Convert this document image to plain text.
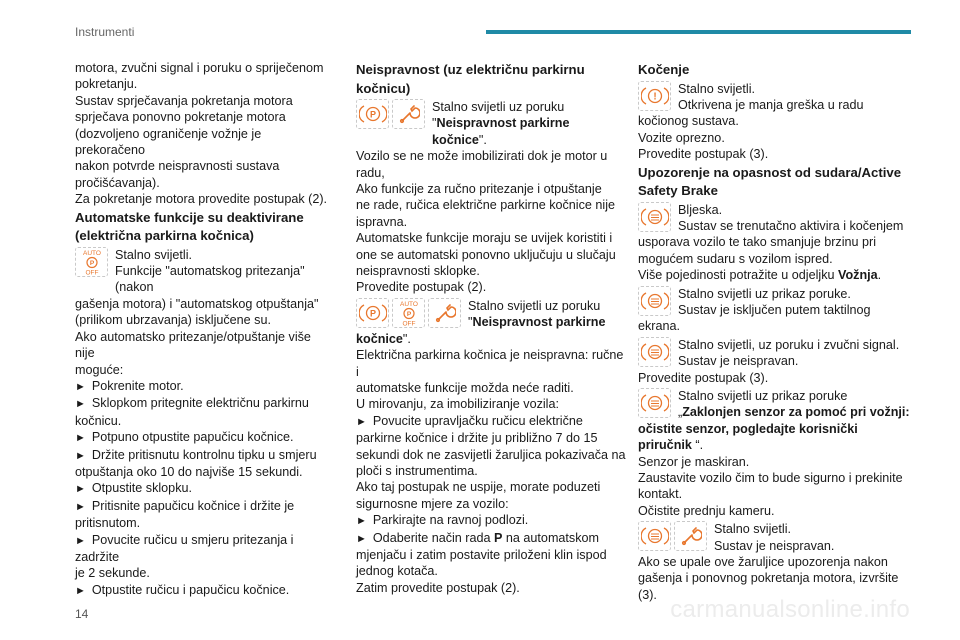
Instrumenti

motora, zvučni signal i poruku o spriječenom

pokretanju.

Sustav sprječavanja pokretanja motora

sprječava ponovno pokretanje motora

(dozvoljeno ograničenje vožnje je prekoračeno

nakon potvrde neispravnosti sustava

pročišćavanja).

Za pokretanje motora provedite postupak (2).

Automatske funkcije su deaktivirane

(električna parkirna kočnica)

AUTO
P
OFF

Stalno svijetli.

Funkcije "automatskog pritezanja" (nakon

gašenja motora) i "automatskog otpuštanja"

(prilikom ubrzavanja) isključene su.

Ako automatsko pritezanje/otpuštanje više nije

moguće:

► Pokrenite motor.

► Sklopkom pritegnite električnu parkirnu

kočnicu.

► Potpuno otpustite papučicu kočnice.

► Držite pritisnutu kontrolnu tipku u smjeru

otpuštanja oko 10 do najviše 15 sekundi.

► Otpustite sklopku.

► Pritisnite papučicu kočnice i držite je

pritisnutom.

► Povucite ručicu u smjeru pritezanja i zadržite

je 2 sekunde.

► Otpustite ručicu i papučicu kočnice.

Neispravnost (uz električnu parkirnu

kočnicu)

P

Stalno svijetli uz poruku

"Neispravnost parkirne kočnice".

Vozilo se ne može imobilizirati dok je motor u

radu,

Ako funkcije za ručno pritezanje i otpuštanje

ne rade, ručica električne parkirne kočnice nije

ispravna.

Automatske funkcije moraju se uvijek koristiti i

one se automatski ponovno uključuju u slučaju

neispravnosti sklopke.

Provedite postupak (2).

P
AUTO
P
OFF

Stalno svijetli uz poruku

"Neispravnost parkirne

kočnice".

Električna parkirna kočnica je neispravna: ručne i

automatske funkcije možda neće raditi.

U mirovanju, za imobiliziranje vozila:

► Povucite upravljačku ručicu električne

parkirne kočnice i držite ju približno 7 do 15

sekundi dok ne zasvijetli žaruljica pokazivača na

ploči s instrumentima.

Ako taj postupak ne uspije, morate poduzeti

sigurnosne mjere za vozilo:

► Parkirajte na ravnoj podlozi.

► Odaberite način rada P na automatskom

mjenjaču i zatim postavite priloženi klin ispod

jednog kotača.

Zatim provedite postupak (2).

Kočenje

!

Stalno svijetli.

Otkrivena je manja greška u radu

kočionog sustava.

Vozite oprezno.

Provedite postupak (3).

Upozorenje na opasnost od sudara/Active

Safety Brake

Bljeska.

Sustav se trenutačno aktivira i kočenjem

usporava vozilo te tako smanjuje brzinu pri

mogućem sudaru s vozilom ispred.

Više pojedinosti potražite u odjeljku Vožnja.

Stalno svijetli uz prikaz poruke.

Sustav je isključen putem taktilnog

ekrana.

Stalno svijetli, uz poruku i zvučni signal.

Sustav je neispravan.

Provedite postupak (3).

Stalno svijetli uz prikaz poruke

„Zaklonjen senzor za pomoć pri vožnji:

očistite senzor, pogledajte korisnički

priručnik “.

Senzor je maskiran.

Zaustavite vozilo čim to bude sigurno i prekinite

kontakt.

Očistite prednju kameru.

Stalno svijetli.

Sustav je neispravan.

Ako se upale ove žaruljice upozorenja nakon

gašenja i ponovnog pokretanja motora, izvršite

(3).

14	carmanualsonline.info
